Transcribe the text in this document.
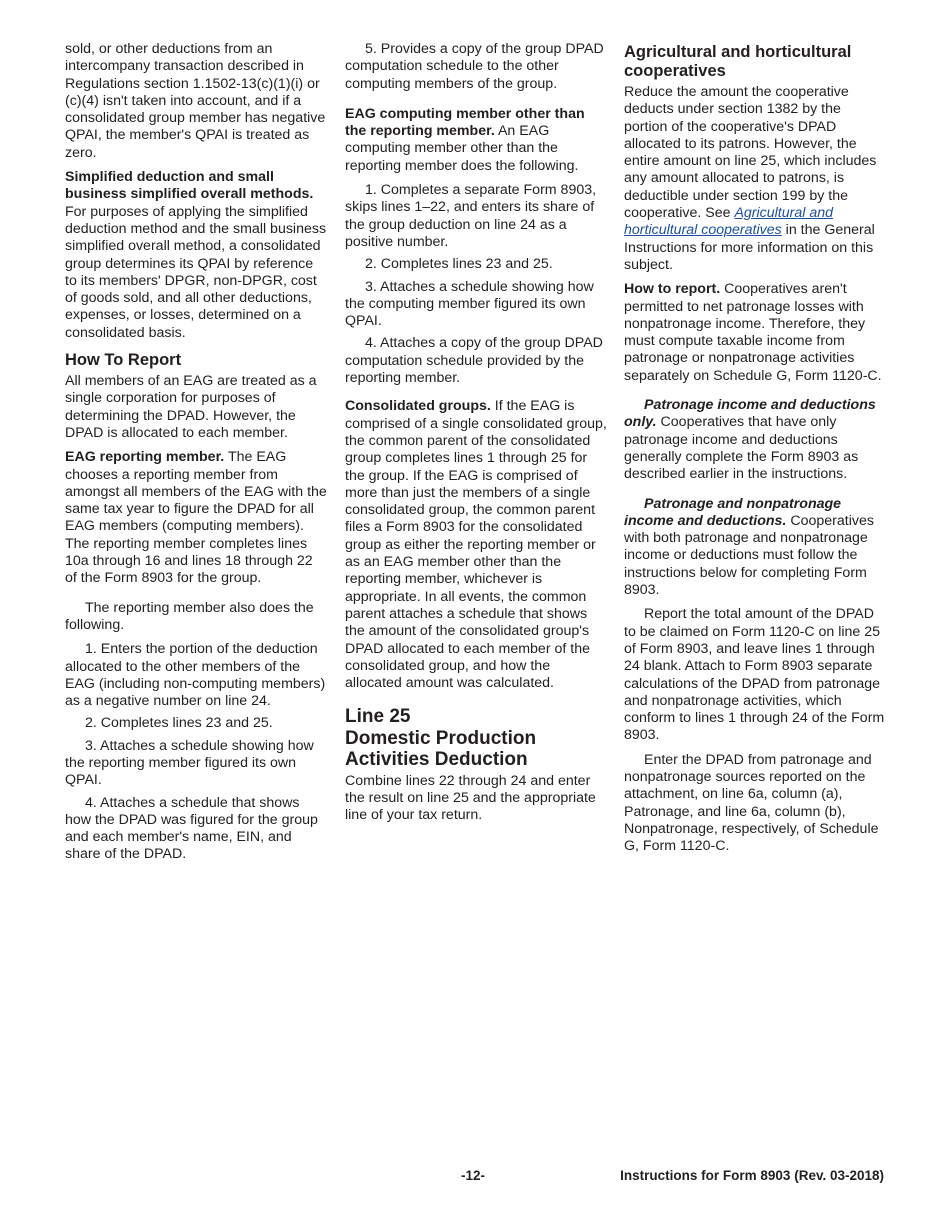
sold, or other deductions from an intercompany transaction described in Regulations section 1.1502-13(c)(1)(i) or (c)(4) isn't taken into account, and if a consolidated group member has negative QPAI, the member's QPAI is treated as zero.

Simplified deduction and small business simplified overall methods. For purposes of applying the simplified deduction method and the small business simplified overall method, a consolidated group determines its QPAI by reference to its members' DPGR, non-DPGR, cost of goods sold, and all other deductions, expenses, or losses, determined on a consolidated basis.

How To Report

All members of an EAG are treated as a single corporation for purposes of determining the DPAD. However, the DPAD is allocated to each member.

EAG reporting member. The EAG chooses a reporting member from amongst all members of the EAG with the same tax year to figure the DPAD for all EAG members (computing members). The reporting member completes lines 10a through 16 and lines 18 through 22 of the Form 8903 for the group.

The reporting member also does the following.

1. Enters the portion of the deduction allocated to the other members of the EAG (including non-computing members) as a negative number on line 24.

2. Completes lines 23 and 25.

3. Attaches a schedule showing how the reporting member figured its own QPAI.

4. Attaches a schedule that shows how the DPAD was figured for the group and each member's name, EIN, and share of the DPAD.

5. Provides a copy of the group DPAD computation schedule to the other computing members of the group.

EAG computing member other than the reporting member. An EAG computing member other than the reporting member does the following.

1. Completes a separate Form 8903, skips lines 1–22, and enters its share of the group deduction on line 24 as a positive number.

2. Completes lines 23 and 25.

3. Attaches a schedule showing how the computing member figured its own QPAI.

4. Attaches a copy of the group DPAD computation schedule provided by the reporting member.

Consolidated groups. If the EAG is comprised of a single consolidated group, the common parent of the consolidated group completes lines 1 through 25 for the group. If the EAG is comprised of more than just the members of a single consolidated group, the common parent files a Form 8903 for the consolidated group as either the reporting member or as an EAG member other than the reporting member, whichever is appropriate. In all events, the common parent attaches a schedule that shows the amount of the consolidated group's DPAD allocated to each member of the consolidated group, and how the allocated amount was calculated.

Line 25
Domestic Production Activities Deduction

Combine lines 22 through 24 and enter the result on line 25 and the appropriate line of your tax return.

Agricultural and horticultural cooperatives

Reduce the amount the cooperative deducts under section 1382 by the portion of the cooperative's DPAD allocated to its patrons. However, the entire amount on line 25, which includes any amount allocated to patrons, is deductible under section 199 by the cooperative. See Agricultural and horticultural cooperatives in the General Instructions for more information on this subject.

How to report. Cooperatives aren't permitted to net patronage losses with nonpatronage income. Therefore, they must compute taxable income from patronage or nonpatronage activities separately on Schedule G, Form 1120-C.

Patronage income and deductions only. Cooperatives that have only patronage income and deductions generally complete the Form 8903 as described earlier in the instructions.

Patronage and nonpatronage income and deductions. Cooperatives with both patronage and nonpatronage income or deductions must follow the instructions below for completing Form 8903.

Report the total amount of the DPAD to be claimed on Form 1120-C on line 25 of Form 8903, and leave lines 1 through 24 blank. Attach to Form 8903 separate calculations of the DPAD from patronage and nonpatronage activities, which conform to lines 1 through 24 of the Form 8903.

Enter the DPAD from patronage and nonpatronage sources reported on the attachment, on line 6a, column (a), Patronage, and line 6a, column (b), Nonpatronage, respectively, of Schedule G, Form 1120-C.

-12-	Instructions for Form 8903 (Rev. 03-2018)
